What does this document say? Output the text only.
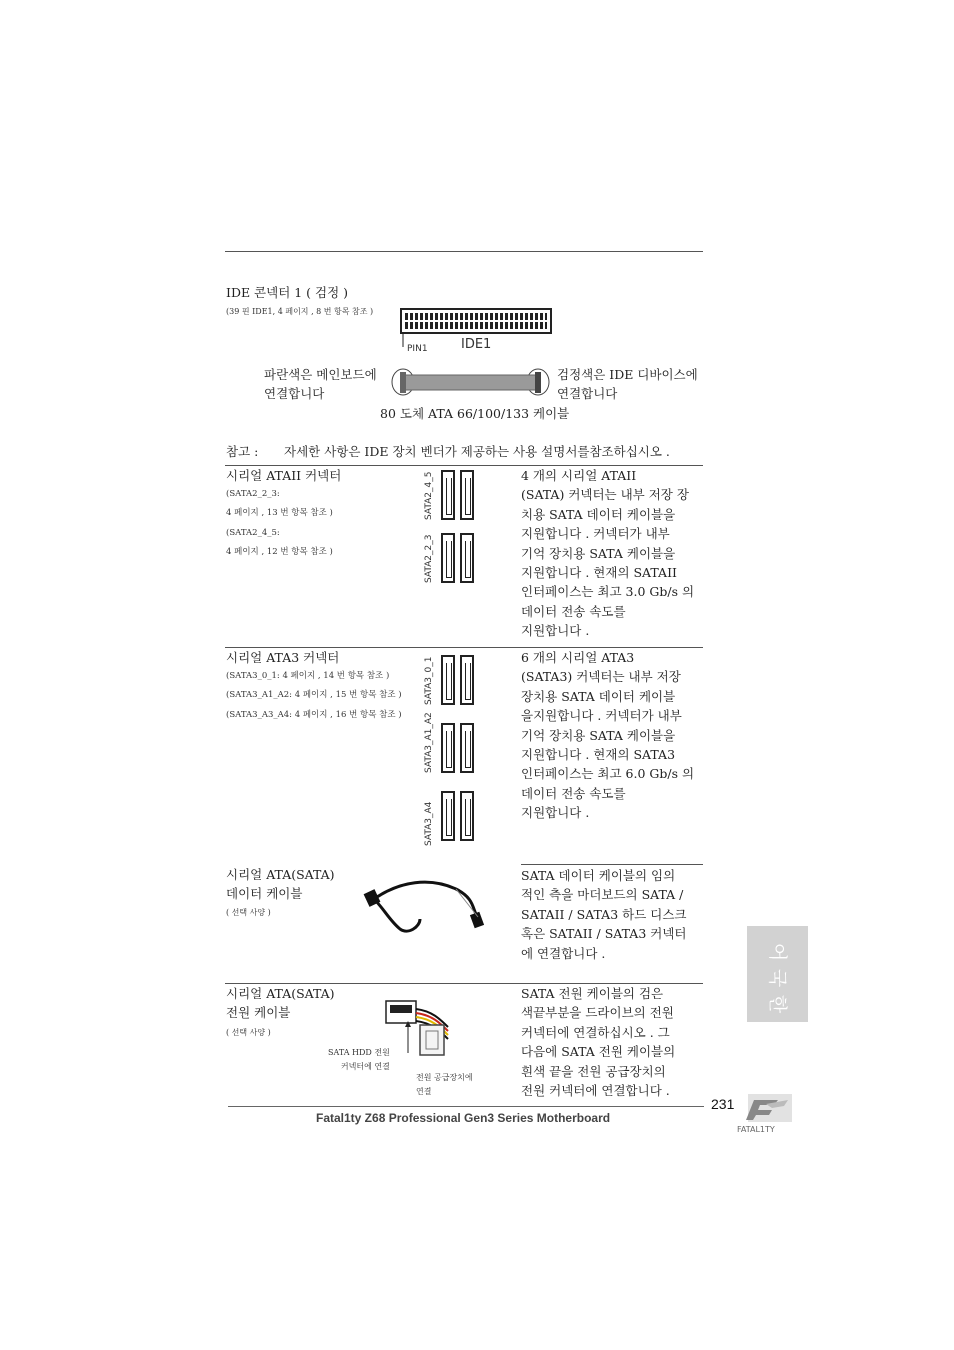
IDE 콘넥터 1 ( 검정 )
(39 핀 IDE1, 4 페이지 , 8 번 항목 참조 )
PIN1	IDE1
파란색은 메인보드에
연결합니다
검정색은 IDE 디바이스에
연결합니다
80 도체 ATA 66/100/133 케이블
참고 : 자세한 사항은 IDE 장치 벤더가 제공하는 사용 설명서를참조하십시오 .
시리얼 ATAII 커넥터
(SATA2_2_3:
4 페이지 , 13 번 항목 참조 )
(SATA2_4_5:
4 페이지 , 12 번 항목 참조 )
SATA2_4_5
SATA2_2_3
4 개의 시리얼 ATAII
(SATA) 커넥터는 내부 저장 장
치용 SATA 데이터 케이블을
지원합니다 . 커넥터가 내부
기억 장치용 SATA 케이블을
지원합니다 . 현재의 SATAII
인터페이스는 최고 3.0 Gb/s 의
데이터 전송 속도를
지원합니다 .
시리얼 ATA3 커넥터
(SATA3_0_1: 4 페이지 , 14 번 항목 참조 )
(SATA3_A1_A2: 4 페이지 , 15 번 항목 참조 )
(SATA3_A3_A4: 4 페이지 , 16 번 항목 참조 )
SATA3_0_1
SATA3_A1_A2
SATA3_A4
6 개의 시리얼 ATA3
(SATA3) 커넥터는 내부 저장
장치용 SATA 데이터 케이블
을지원합니다 . 커넥터가 내부
기억 장치용 SATA 케이블을
지원합니다 . 현재의 SATA3
인터페이스는 최고 6.0 Gb/s 의
데이터 전송 속도를
지원합니다 .
시리얼 ATA(SATA)
데이터 케이블
( 선택 사양 )
SATA 데이터 케이블의 임의
적인 측을 마더보드의 SATA /
SATAII / SATA3 하드 디스크
혹은 SATAII / SATA3 커넥터
에 연결합니다 .
시리얼 ATA(SATA)
전원 케이블
( 선택 사양 )
SATA HDD 전원
커넥터에 연결
전원 공급장치에
연결
SATA 전원 케이블의 검은
색끝부분을 드라이브의 전원
커넥터에 연결하십시오 . 그
다음에 SATA 전원 케이블의
흰색 끝을 전원 공급장치의
전원 커넥터에 연결합니다 .
Fatal1ty Z68 Professional Gen3 Series Motherboard
231
FATAL1TY
한
국
어
